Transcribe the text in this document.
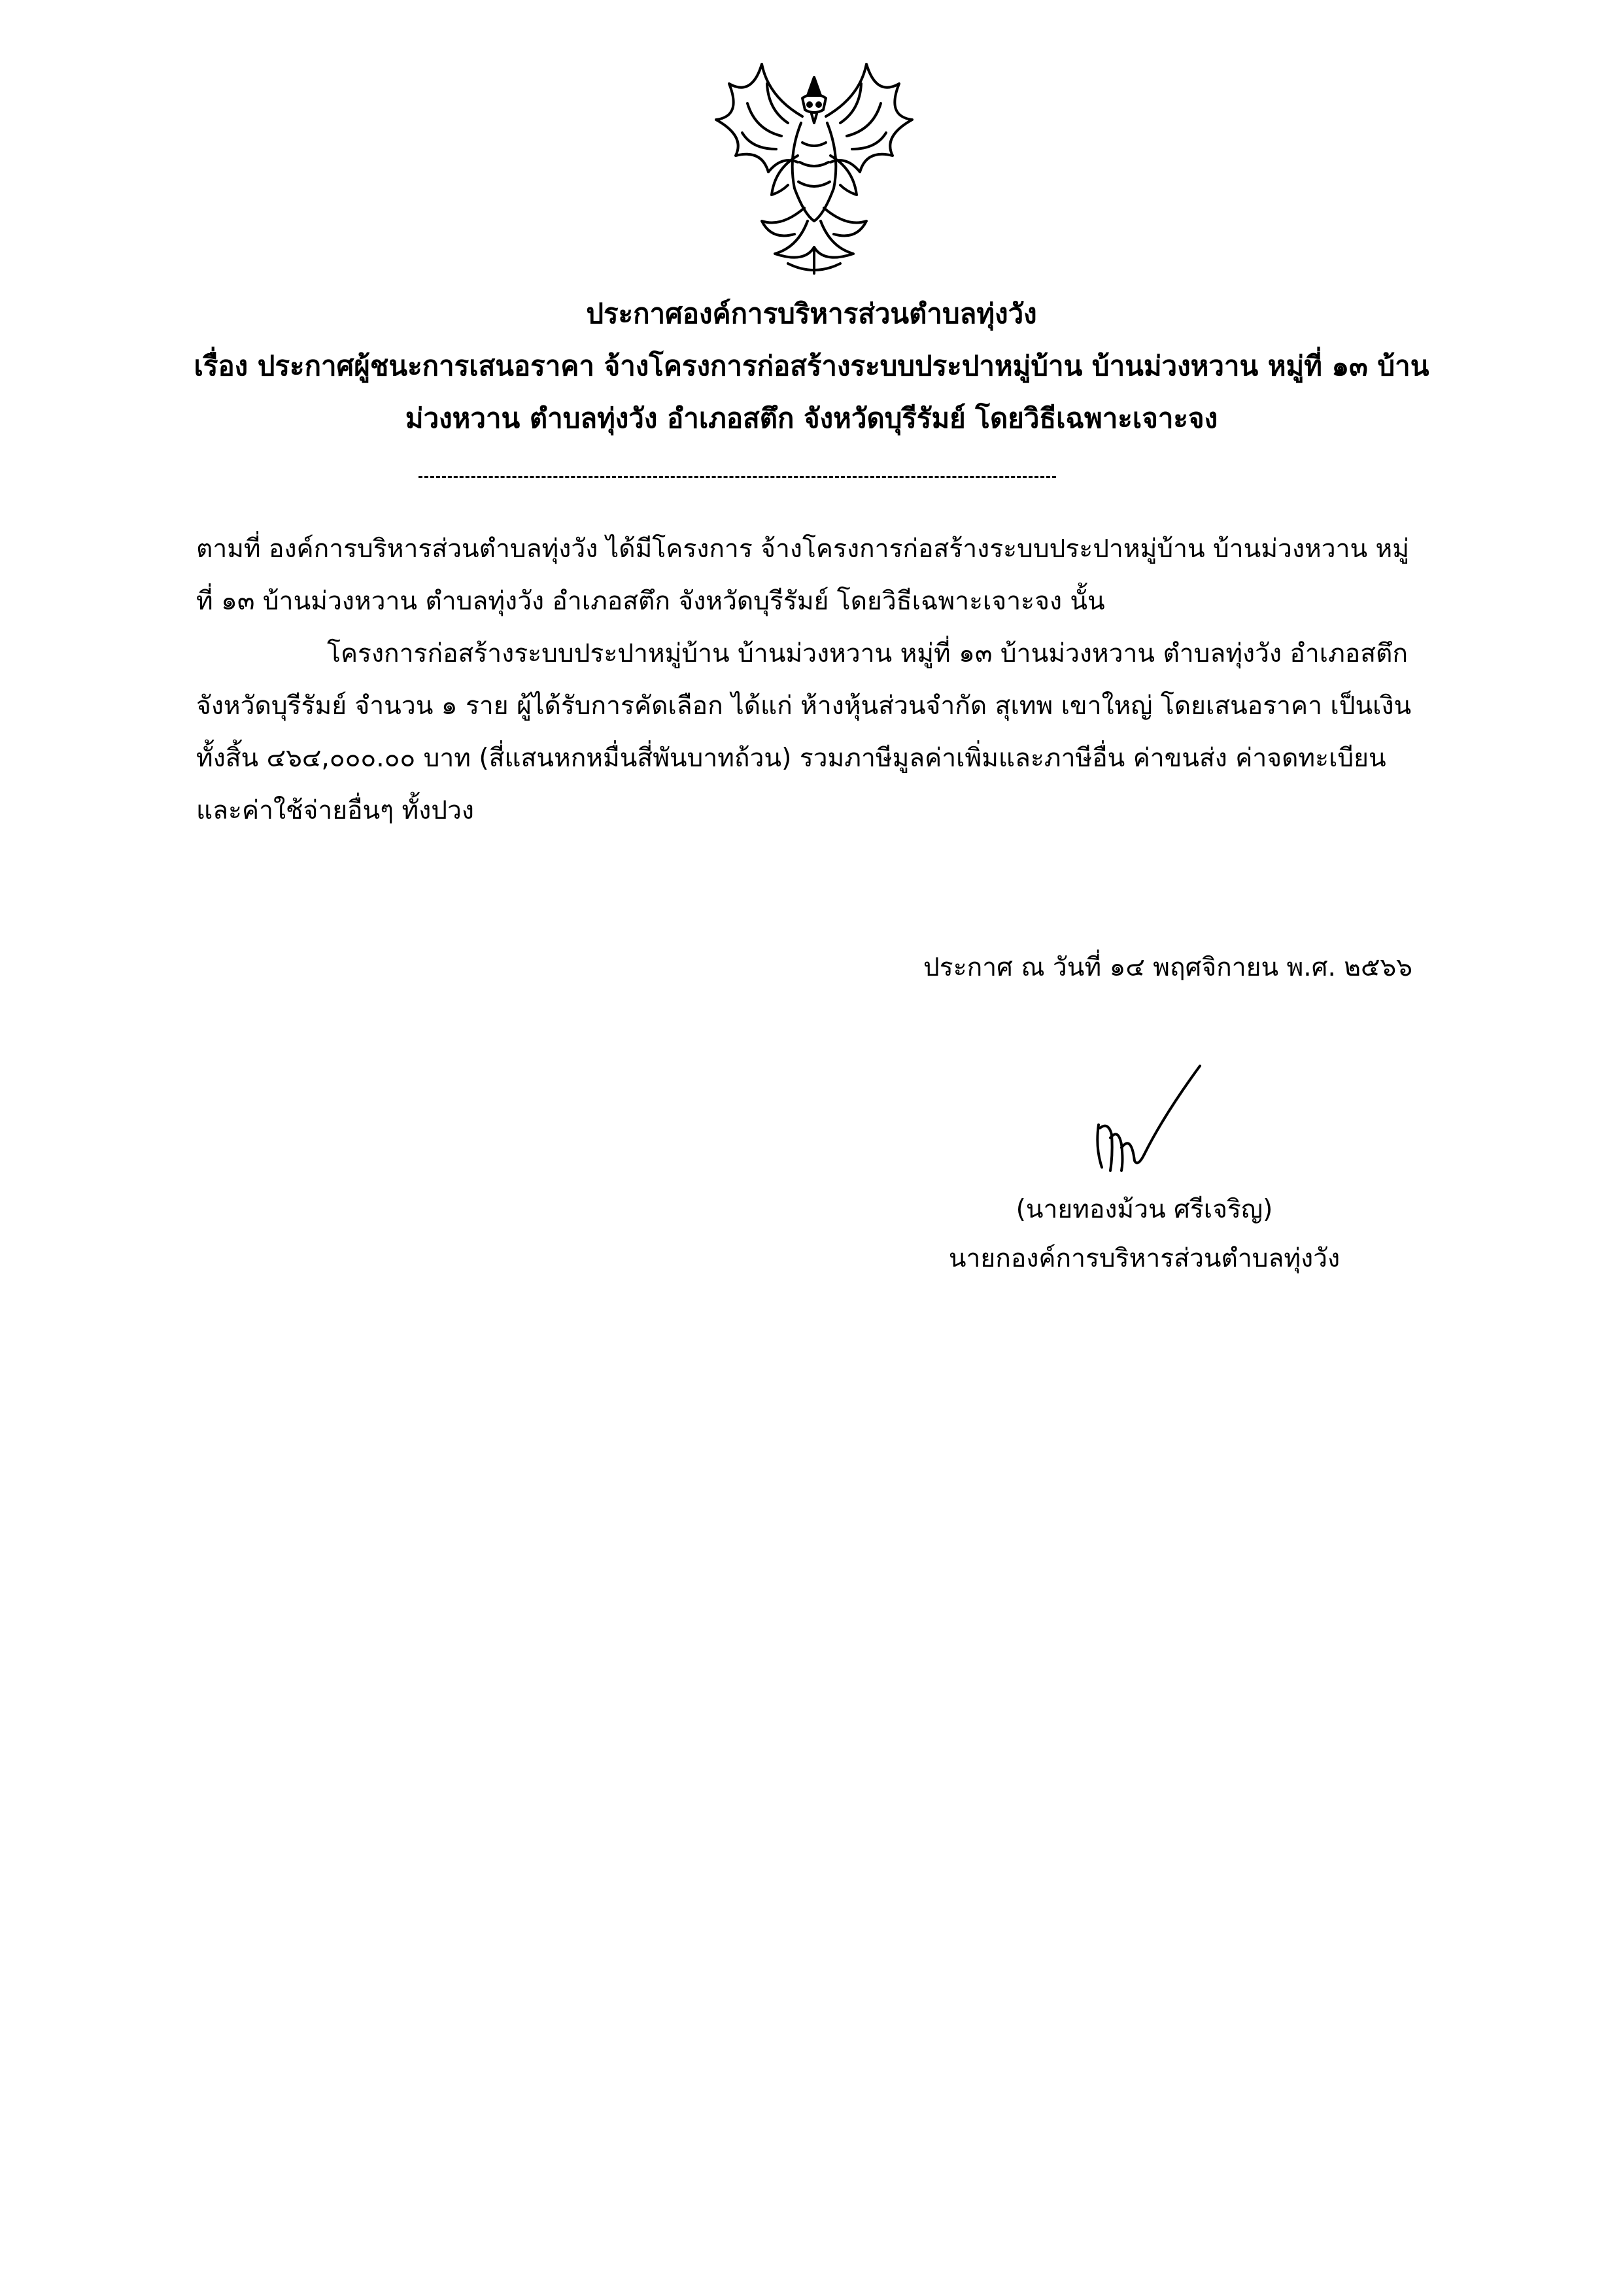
ประกาศองค์การบริหารส่วนตำบลทุ่งวัง
เรื่อง ประกาศผู้ชนะการเสนอราคา จ้างโครงการก่อสร้างระบบประปาหมู่บ้าน บ้านม่วงหวาน หมู่ที่ ๑๓ บ้าน
ม่วงหวาน ตำบลทุ่งวัง อำเภอสตึก จังหวัดบุรีรัมย์ โดยวิธีเฉพาะเจาะจง
ตามที่ องค์การบริหารส่วนตำบลทุ่งวัง ได้มีโครงการ จ้างโครงการก่อสร้างระบบประปาหมู่บ้าน บ้านม่วงหวาน หมู่ที่ ๑๓ บ้านม่วงหวาน ตำบลทุ่งวัง อำเภอสตึก จังหวัดบุรีรัมย์ โดยวิธีเฉพาะเจาะจง นั้น
โครงการก่อสร้างระบบประปาหมู่บ้าน บ้านม่วงหวาน หมู่ที่ ๑๓ บ้านม่วงหวาน ตำบลทุ่งวัง อำเภอสตึก จังหวัดบุรีรัมย์ จำนวน ๑ ราย ผู้ได้รับการคัดเลือก ได้แก่ ห้างหุ้นส่วนจำกัด สุเทพ เขาใหญ่ โดยเสนอราคา เป็นเงินทั้งสิ้น ๔๖๔,๐๐๐.๐๐ บาท (สี่แสนหกหมื่นสี่พันบาทถ้วน) รวมภาษีมูลค่าเพิ่มและภาษีอื่น ค่าขนส่ง ค่าจดทะเบียน และค่าใช้จ่ายอื่นๆ ทั้งปวง
ประกาศ ณ วันที่ ๑๔ พฤศจิกายน พ.ศ. ๒๕๖๖
(นายทองม้วน ศรีเจริญ)
นายกองค์การบริหารส่วนตำบลทุ่งวัง
